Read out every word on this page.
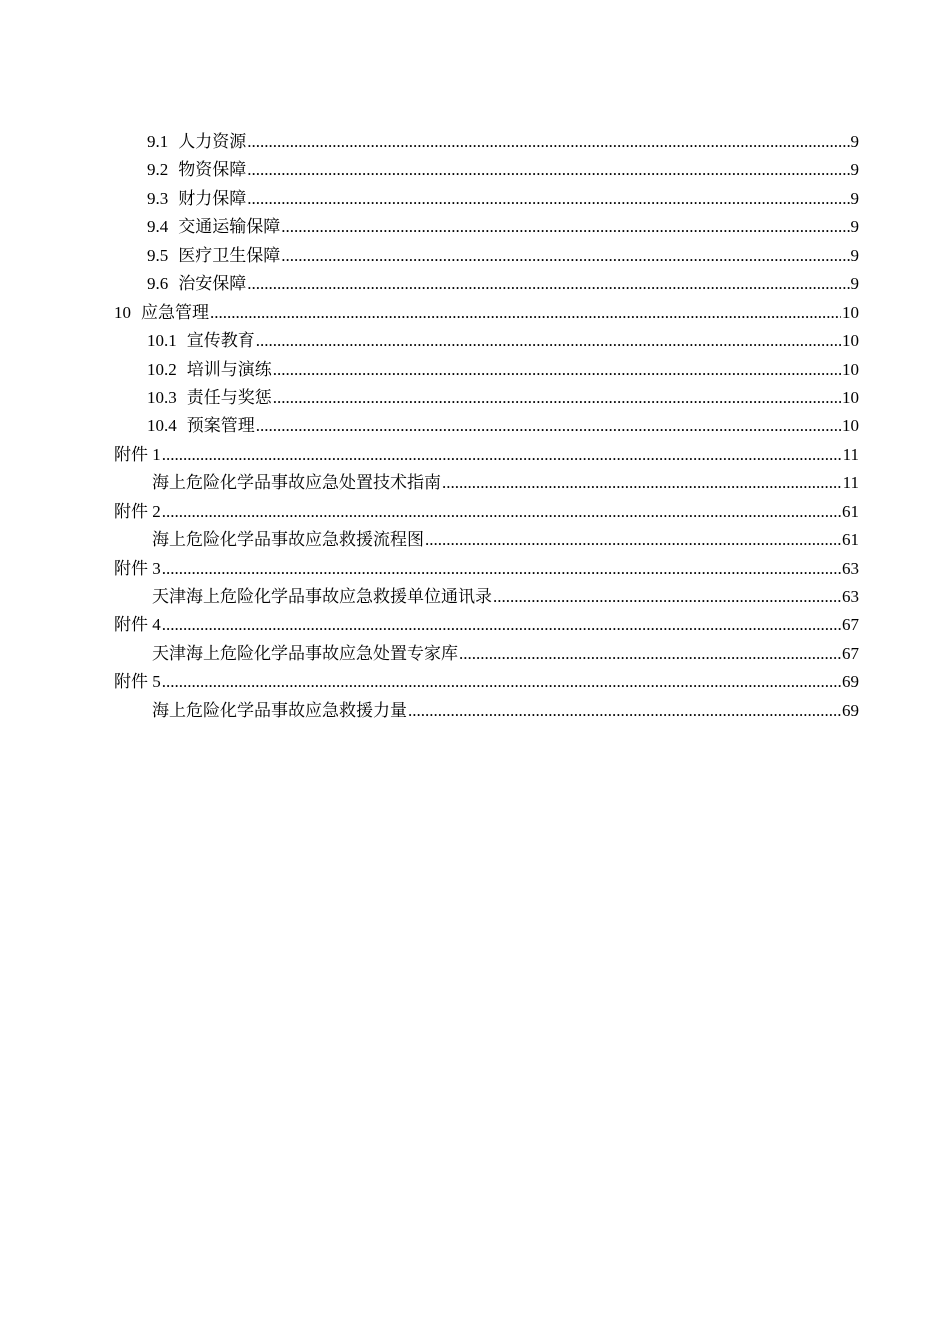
9.1 人力资源 .....	9
9.2 物资保障 .....	9
9.3 财力保障 .....	9
9.4 交通运输保障 .....	9
9.5 医疗卫生保障 .....	9
9.6 治安保障 .....	9
10 应急管理 .....	10
10.1 宣传教育 .....	10
10.2 培训与演练 .....	10
10.3 责任与奖惩 .....	10
10.4 预案管理 .....	10
附件 1 .....	11
海上危险化学品事故应急处置技术指南 .....	11
附件 2 .....	61
海上危险化学品事故应急救援流程图 .....	61
附件 3 .....	63
天津海上危险化学品事故应急救援单位通讯录 .....	63
附件 4 .....	67
天津海上危险化学品事故应急处置专家库 .....	67
附件 5 .....	69
海上危险化学品事故应急救援力量 .....	69
